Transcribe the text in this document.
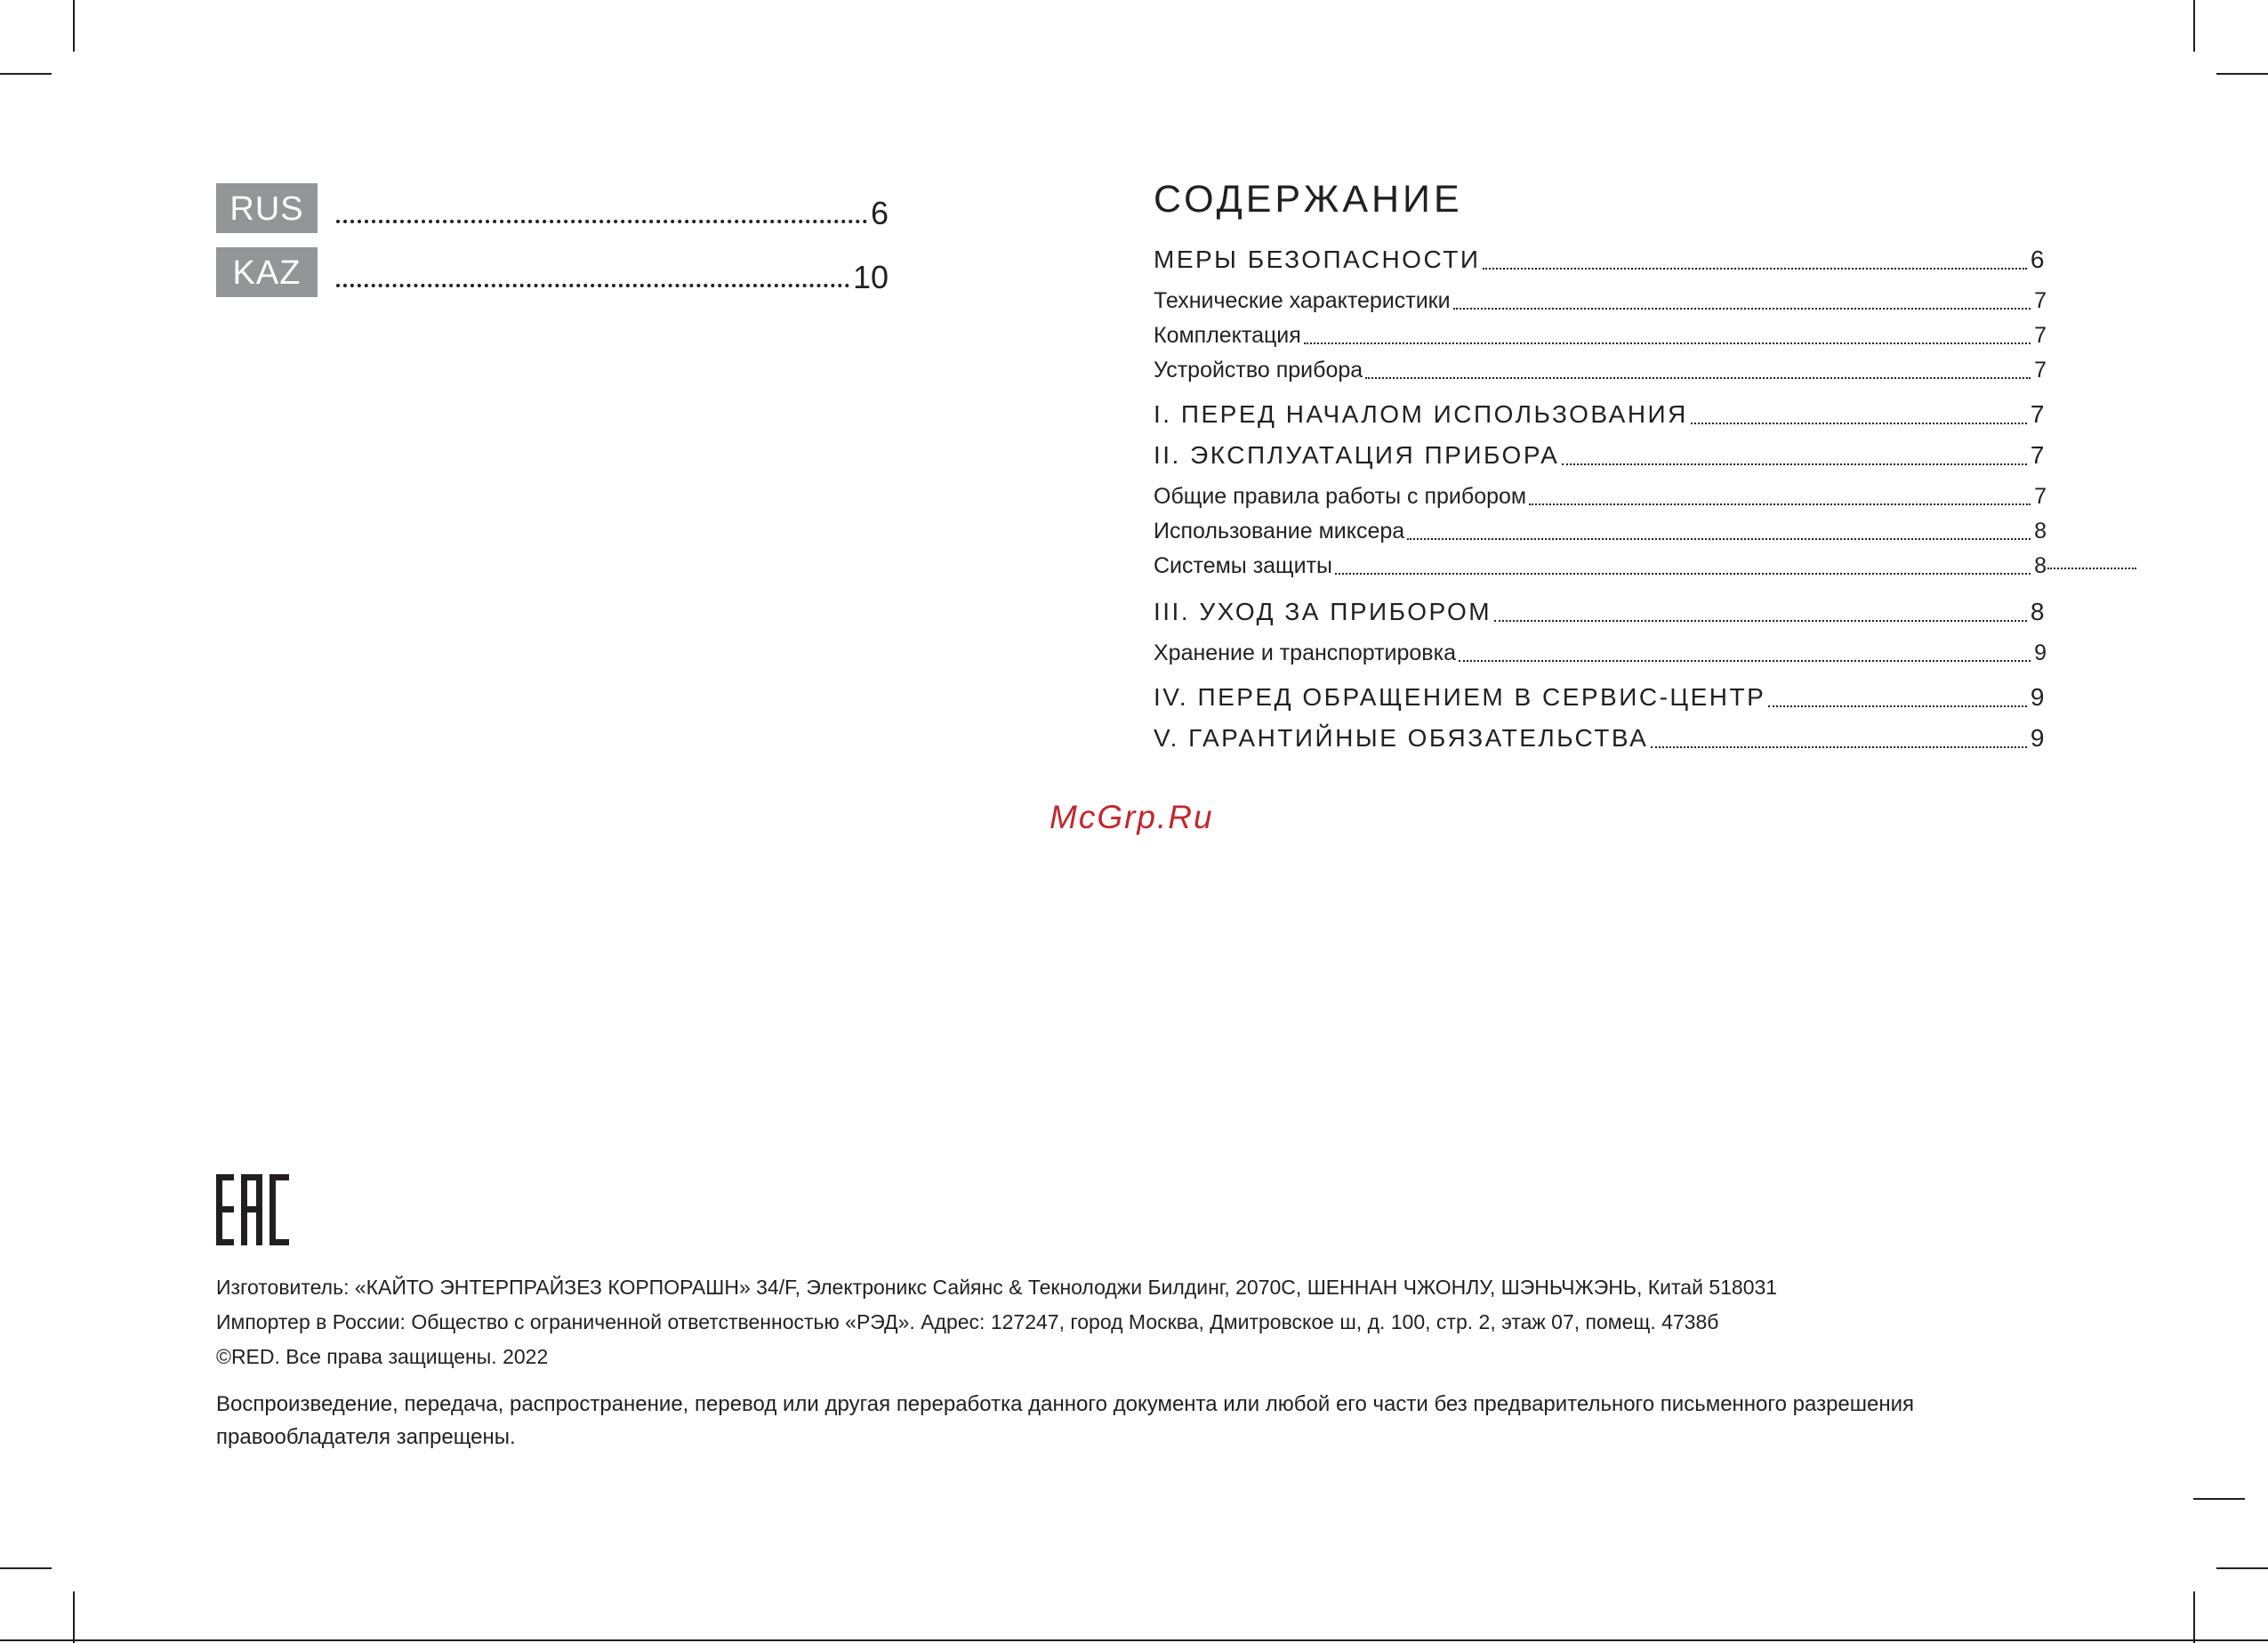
RUS	6
KAZ	10
СОДЕРЖАНИЕ
МЕРЫ БЕЗОПАСНОСТИ	6
Технические характеристики	7
Комплектация	7
Устройство прибора	7
I. ПЕРЕД НАЧАЛОМ ИСПОЛЬЗОВАНИЯ	7
II. ЭКСПЛУАТАЦИЯ ПРИБОРА	7
Общие правила работы с прибором	7
Использование миксера	8
Системы защиты	8
III. УХОД ЗА ПРИБОРОМ	8
Хранение и транспортировка	9
IV. ПЕРЕД ОБРАЩЕНИЕМ В СЕРВИС-ЦЕНТР	9
V. ГАРАНТИЙНЫЕ ОБЯЗАТЕЛЬСТВА	9
McGrp.Ru
Изготовитель: «КАЙТО ЭНТЕРПРАЙЗЕЗ КОРПОРАШН» 34/F, Электроникс Сайянс & Текнолоджи Билдинг, 2070С, ШЕННАН ЧЖОНЛУ, ШЭНЬЧЖЭНЬ, Китай 518031
Импортер в России: Общество с ограниченной ответственностью «РЭД». Адрес: 127247, город Москва, Дмитровское ш, д. 100, стр. 2, этаж 07, помещ. 4738б
©RED. Все права защищены. 2022
Воспроизведение, передача, распространение, перевод или другая переработка данного документа или любой его части без предварительного письменного разрешения правообладателя запрещены.
